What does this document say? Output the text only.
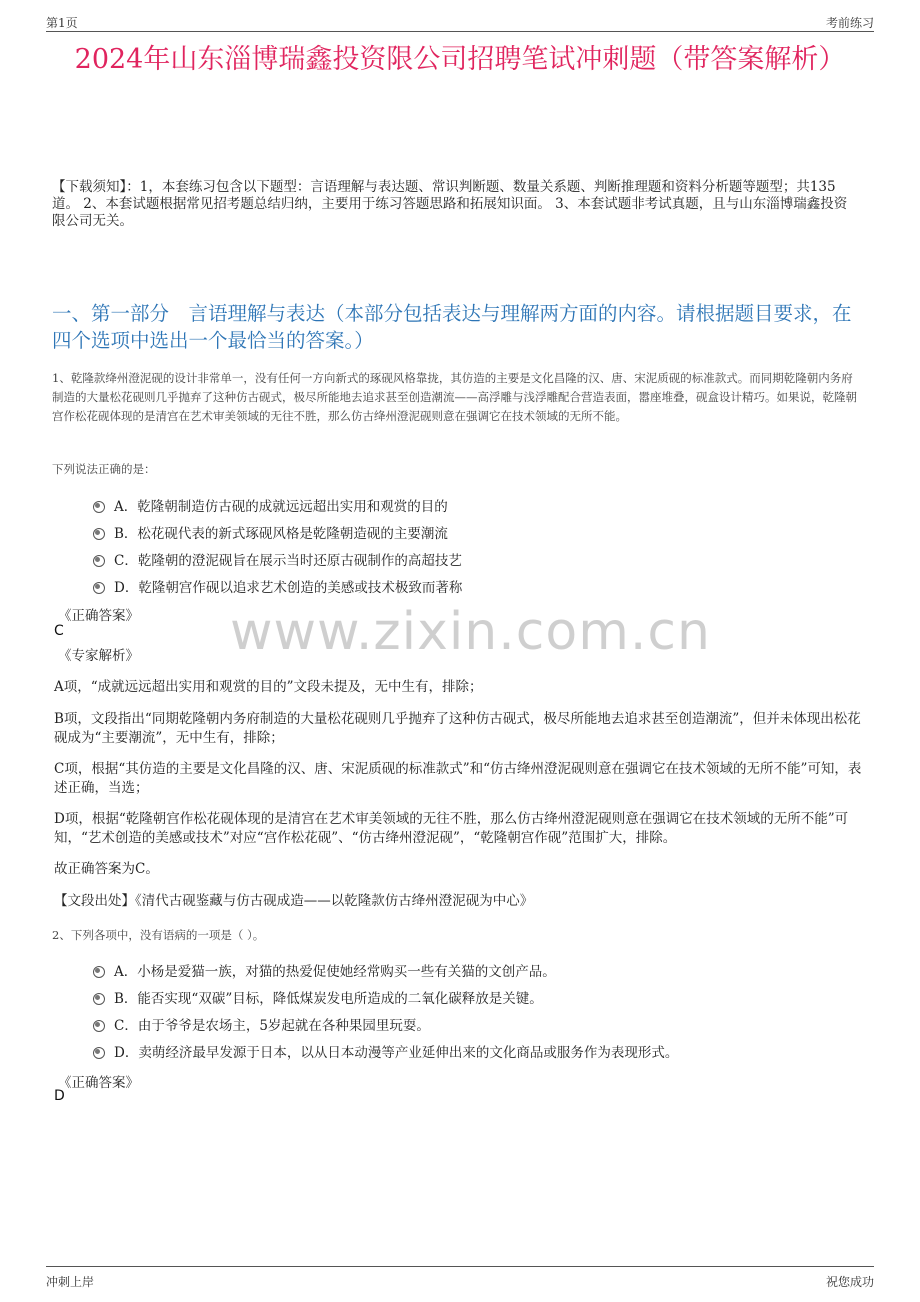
第1页	考前练习
2024年山东淄博瑞鑫投资限公司招聘笔试冲刺题（带答案解析）
【下载须知】：1，本套练习包含以下题型：言语理解与表达题、常识判断题、数量关系题、判断推理题和资料分析题等题型；共135道。 2、本套试题根据常见招考题总结归纳，主要用于练习答题思路和拓展知识面。 3、本套试题非考试真题，且与山东淄博瑞鑫投资限公司无关。
一、第一部分　言语理解与表达（本部分包括表达与理解两方面的内容。请根据题目要求，在四个选项中选出一个最恰当的答案。）
1、乾隆款绛州澄泥砚的设计非常单一，没有任何一方向新式的琢砚风格靠拢，其仿造的主要是文化昌隆的汉、唐、宋泥质砚的标准款式。而同期乾隆朝内务府制造的大量松花砚则几乎抛弃了这种仿古砚式，极尽所能地去追求甚至创造潮流——高浮雕与浅浮雕配合营造表面，嚣座堆叠，砚盒设计精巧。如果说，乾隆朝宫作松花砚体现的是清宫在艺术审美领域的无往不胜，那么仿古绛州澄泥砚则意在强调它在技术领域的无所不能。
下列说法正确的是：
A．乾隆朝制造仿古砚的成就远远超出实用和观赏的目的
B．松花砚代表的新式琢砚风格是乾隆朝造砚的主要潮流
C．乾隆朝的澄泥砚旨在展示当时还原古砚制作的高超技艺
D．乾隆朝宫作砚以追求艺术创造的美感或技术极致而著称
《正确答案》
C
《专家解析》 www.zixin.com.cn
A项，“成就远远超出实用和观赏的目的”文段未提及，无中生有，排除；
B项，文段指出“同期乾隆朝内务府制造的大量松花砚则几乎抛弃了这种仿古砚式，极尽所能地去追求甚至创造潮流”，但并未体现出松花砚成为“主要潮流”，无中生有，排除；
C项，根据“其仿造的主要是文化昌隆的汉、唐、宋泥质砚的标准款式”和“仿古绛州澄泥砚则意在强调它在技术领域的无所不能”可知，表述正确，当选；
D项，根据“乾隆朝宫作松花砚体现的是清宫在艺术审美领域的无往不胜，那么仿古绛州澄泥砚则意在强调它在技术领域的无所不能”可知，“艺术创造的美感或技术”对应“宫作松花砚”、“仿古绛州澄泥砚”，“乾隆朝宫作砚”范围扩大，排除。
故正确答案为C。
【文段出处】《清代古砚鉴藏与仿古砚成造——以乾隆款仿古绛州澄泥砚为中心》
2、下列各项中，没有语病的一项是（ ）。
A．小杨是爱猫一族，对猫的热爱促使她经常购买一些有关猫的文创产品。
B．能否实现“双碳”目标，降低煤炭发电所造成的二氧化碳释放是关键。
C．由于爷爷是农场主，5岁起就在各种果园里玩耍。
D．卖萌经济最早发源于日本，以从日本动漫等产业延伸出来的文化商品或服务作为表现形式。
《正确答案》
D
冲刺上岸	祝您成功
